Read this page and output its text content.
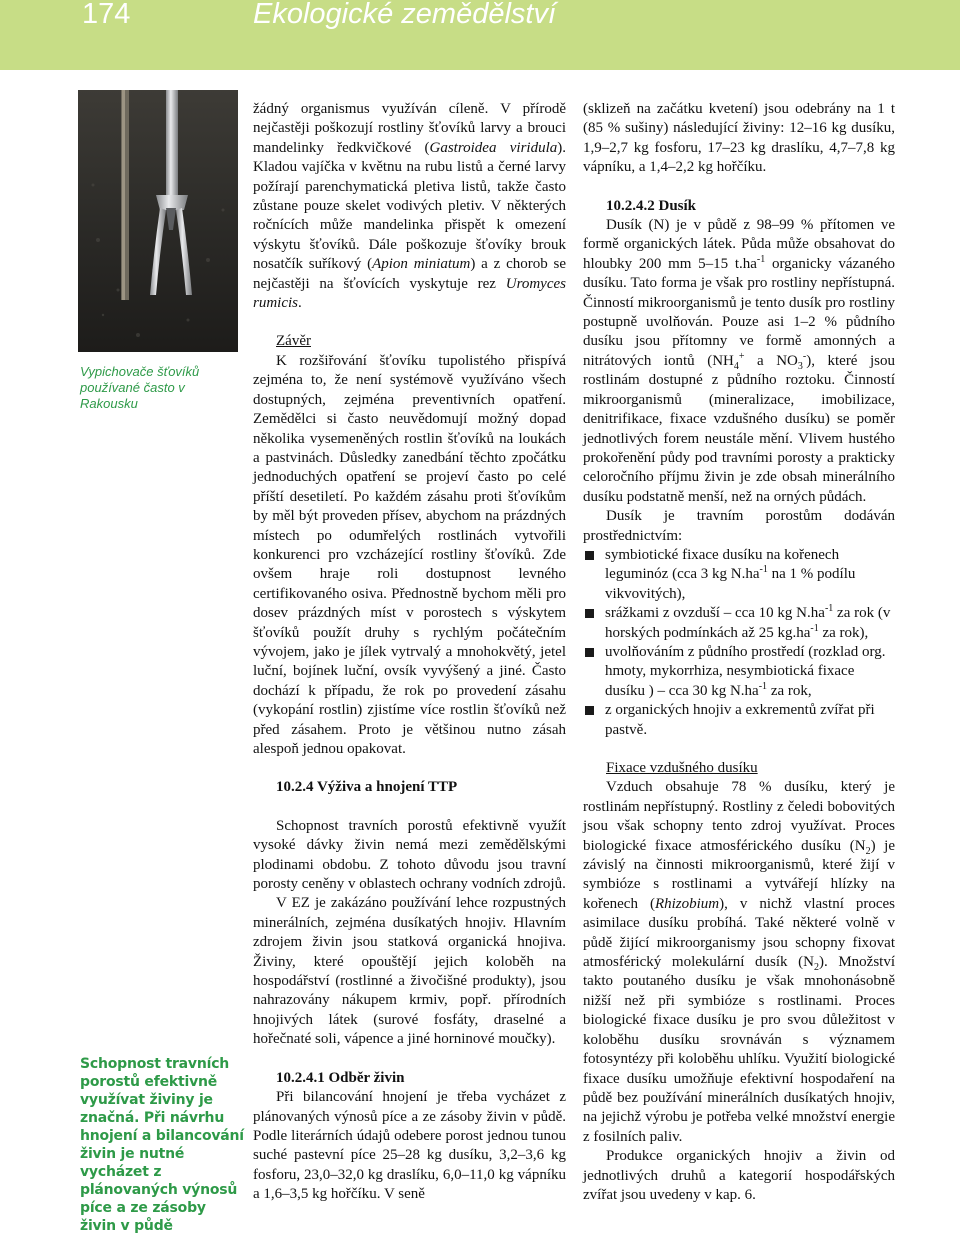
174	Ekologické zemědělství
Vypichovače šťovíků používané často v Rakousku
Schopnost travních porostů efektivně využívat živiny je značná. Při návrhu hnojení a bilancování živin je nutné vycházet z plánovaných výnosů píce a ze zásoby živin v půdě

žádný organismus využíván cíleně. V přírodě nejčastěji poškozují rostliny šťovíků larvy a brouci mandelinky ředkvičkové (Gastroidea viridula). Kladou vajíčka v květnu na rubu listů a černé larvy požírají parenchymatická pletiva listů, takže často zůstane pouze skelet vodivých pletiv. V některých ročnících může mandelinka přispět k omezení výskytu šťovíků. Dále poškozuje šťovíky brouk nosatčík suříkový (Apion miniatum) a z chorob se nejčastěji na šťovících vyskytuje rez Uromyces rumicis.

Závěr

K rozšiřování šťovíku tupolistého přispívá zejména to, že není systémově využíváno všech dostupných, zejména preventivních opatření. Zemědělci si často neuvědomují možný dopad několika vysemeněných rostlin šťovíků na loukách a pastvinách. Důsledky zanedbání těchto zpočátku jednoduchých opatření se projeví často po celé příští desetiletí. Po každém zásahu proti šťovíkům by měl být proveden přísev, abychom na prázdných místech po odumřelých rostlinách vytvořili konkurenci pro vzcházející rostliny šťovíků. Zde ovšem hraje roli dostupnost levného certifikovaného osiva. Přednostně bychom měli pro dosev prázdných míst v porostech s výskytem šťovíků použít druhy s rychlým počátečním vývojem, jako je jílek vytrvalý a mnohokvětý, jetel luční, bojínek luční, ovsík vyvýšený a jiné. Často dochází k případu, že rok po provedení zásahu (vykopání rostlin) zjistíme více rostlin šťovíků než před zásahem. Proto je většinou nutno zásah alespoň jednou opakovat.

10.2.4 Výživa a hnojení TTP

Schopnost travních porostů efektivně využít vysoké dávky živin nemá mezi zemědělskými plodinami obdobu. Z tohoto důvodu jsou travní porosty ceněny v oblastech ochrany vodních zdrojů.

V EZ je zakázáno používání lehce rozpustných minerálních, zejména dusíkatých hnojiv. Hlavním zdrojem živin jsou statková organická hnojiva. Živiny, které opouštějí jejich koloběh na hospodářství (rostlinné a živočišné produkty), jsou nahrazovány nákupem krmiv, popř. přírodních hnojivých látek (surové fosfáty, draselné a hořečnaté soli, vápence a jiné horninové moučky).

10.2.4.1 Odběr živin

Při bilancování hnojení je třeba vycházet z plánovaných výnosů píce a ze zásoby živin v půdě. Podle literárních údajů odebere porost jednou tunou suché pastevní píce 25–28 kg dusíku, 3,2–3,6 kg fosforu, 23,0–32,0 kg draslíku, 6,0–11,0 kg vápníku a 1,6–3,5 kg hořčíku. V seně

(sklizeň na začátku kvetení) jsou odebrány na 1 t (85 % sušiny) následující živiny: 12–16 kg dusíku, 1,9–2,7 kg fosforu, 17–23 kg draslíku, 4,7–7,8 kg vápníku, a 1,4–2,2 kg hořčíku.

10.2.4.2 Dusík

Dusík (N) je v půdě z 98–99 % přítomen ve formě organických látek. Půda může obsahovat do hloubky 200 mm 5–15 $t.ha^{-1}$ organicky vázaného dusíku. Tato forma je však pro rostliny nepřístupná. Činností mikroorganismů je tento dusík pro rostliny postupně uvolňován. Pouze asi 1–2 % půdního dusíku jsou přítomny ve formě amonných a nitrátových iontů ($NH_4^+$ a $NO_3^-$), které jsou rostlinám dostupné z půdního roztoku. Činností mikroorganismů (mineralizace, imobilizace, denitrifikace, fixace vzdušného dusíku) se poměr jednotlivých forem neustále mění. Vlivem hustého prokořenění půdy pod travními porosty a prakticky celoročního příjmu živin je zde obsah minerálního dusíku podstatně menší, než na orných půdách.

Dusík je travním porostům dodáván prostřednictvím:

symbiotické fixace dusíku na kořenech leguminóz (cca 3 kg $N.ha^{-1}$ na 1 % podílu vikvovitých),
srážkami z ovzduší – cca 10 kg $N.ha^{-1}$ za rok (v horských podmínkách až 25 $kg.ha^{-1}$ za rok),
uvolňováním z půdního prostředí (rozklad org. hmoty, mykorrhiza, nesymbiotická fixace dusíku ) – cca 30 kg $N.ha^{-1}$ za rok,
z organických hnojiv a exkrementů zvířat při pastvě.
Fixace vzdušného dusíku

Vzduch obsahuje 78 % dusíku, který je rostlinám nepřístupný. Rostliny z čeledi bobovitých jsou však schopny tento zdroj využívat. Proces biologické fixace atmosférického dusíku $(N_2)$ je závislý na činnosti mikroorganismů, které žijí v symbióze s rostlinami a vytvářejí hlízky na kořenech (Rhizobium), v nichž vlastní proces asimilace dusíku probíhá. Také některé volně v půdě žijící mikroorganismy jsou schopny fixovat atmosférický molekulární dusík $(N_2)$. Množství takto poutaného dusíku je však mnohonásobně nižší než při symbióze s rostlinami. Proces biologické fixace dusíku je pro svou důležitost v koloběhu dusíku srovnáván s významem fotosyntézy při koloběhu uhlíku. Využití biologické fixace dusíku umožňuje efektivní hospodaření na půdě bez používání minerálních dusíkatých hnojiv, na jejichž výrobu je potřeba velké množství energie z fosilních paliv.

Produkce organických hnojiv a živin od jednotlivých druhů a kategorií hospodářských zvířat jsou uvedeny v kap. 6.
